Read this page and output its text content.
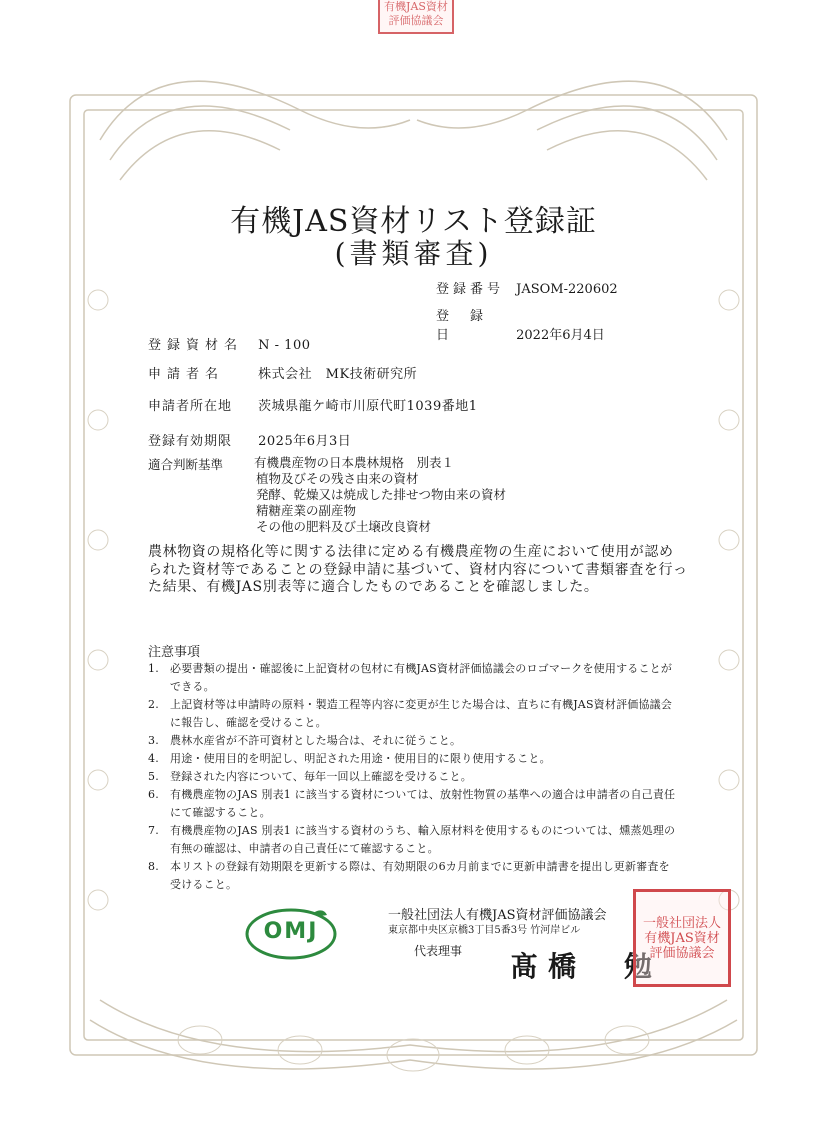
有機JAS資材評価協議会
有機JAS資材リスト登録証
(書類審査)
登録番号 JASOM-220602
登　録　日	2022年6月4日
登録資材名 N - 100
申請者名	株式会社　MK技術研究所
申請者所在地 茨城県龍ケ崎市川原代町1039番地1
登録有効期限 2025年6月3日
適合判断基準	有機農産物の日本農林規格　別表１
植物及びその残さ由来の資材
発酵、乾燥又は焼成した排せつ物由来の資材
精糖産業の副産物
その他の肥料及び土壌改良資材
農林物資の規格化等に関する法律に定める有機農産物の生産において使用が認められた資材等であることの登録申請に基づいて、資材内容について書類審査を行った結果、有機JAS別表等に適合したものであることを確認しました。
注意事項
1.	必要書類の提出・確認後に上記資材の包材に有機JAS資材評価協議会のロゴマークを使用することができる。
2.	上記資材等は申請時の原料・製造工程等内容に変更が生じた場合は、直ちに有機JAS資材評価協議会に報告し、確認を受けること。
3.	農林水産省が不許可資材とした場合は、それに従うこと。
4.	用途・使用目的を明記し、明記された用途・使用目的に限り使用すること。
5.	登録された内容について、毎年一回以上確認を受けること。
6.	有機農産物のJAS 別表1 に該当する資材については、放射性物質の基準への適合は申請者の自己責任にて確認すること。
7.	有機農産物のJAS 別表1 に該当する資材のうち、輸入原材料を使用するものについては、燻蒸処理の有無の確認は、申請者の自己責任にて確認すること。
8.	本リストの登録有効期限を更新する際は、有効期限の6カ月前までに更新申請書を提出し更新審査を受けること。
OMJ
一般社団法人有機JAS資材評価協議会
東京都中央区京橋3丁目5番3号 竹河岸ビル
代表理事 髙橋　勉
一般社団法人有機JAS資材評価協議会
